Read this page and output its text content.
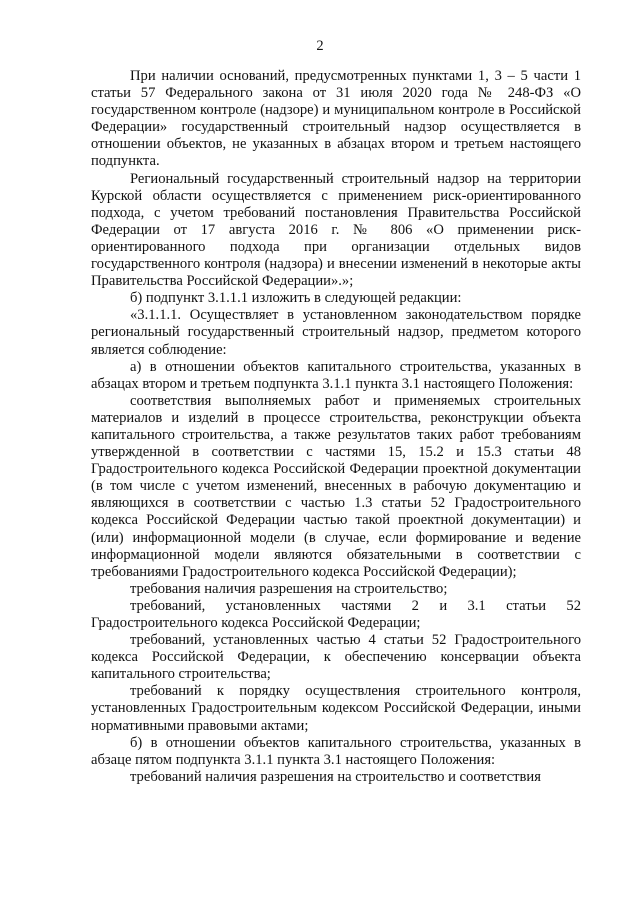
2

При наличии оснований, предусмотренных пунктами 1, 3 – 5 части 1 статьи 57 Федерального закона от 31 июля 2020 года № 248-ФЗ «О государственном контроле (надзоре) и муниципальном контроле в Российской Федерации» государственный строительный надзор осуществляется в отношении объектов, не указанных в абзацах втором и третьем настоящего подпункта.

Региональный государственный строительный надзор на территории Курской области осуществляется с применением риск-ориентированного подхода, с учетом требований постановления Правительства Российской Федерации от 17 августа 2016 г. № 806 «О применении риск-ориентированного подхода при организации отдельных видов государственного контроля (надзора) и внесении изменений в некоторые акты Правительства Российской Федерации».»;

б) подпункт 3.1.1.1 изложить в следующей редакции:

«3.1.1.1. Осуществляет в установленном законодательством порядке региональный государственный строительный надзор, предметом которого является соблюдение:

а) в отношении объектов капитального строительства, указанных в абзацах втором и третьем подпункта 3.1.1 пункта 3.1 настоящего Положения:

соответствия выполняемых работ и применяемых строительных материалов и изделий в процессе строительства, реконструкции объекта капитального строительства, а также результатов таких работ требованиям утвержденной в соответствии с частями 15, 15.2 и 15.3 статьи 48 Градостроительного кодекса Российской Федерации проектной документации (в том числе с учетом изменений, внесенных в рабочую документацию и являющихся в соответствии с частью 1.3 статьи 52 Градостроительного кодекса Российской Федерации частью такой проектной документации) и (или) информационной модели (в случае, если формирование и ведение информационной модели являются обязательными в соответствии с требованиями Градостроительного кодекса Российской Федерации);

требования наличия разрешения на строительство;

требований, установленных частями 2 и 3.1 статьи 52 Градостроительного кодекса Российской Федерации;

требований, установленных частью 4 статьи 52 Градостроительного кодекса Российской Федерации, к обеспечению консервации объекта капитального строительства;

требований к порядку осуществления строительного контроля, установленных Градостроительным кодексом Российской Федерации, иными нормативными правовыми актами;

б) в отношении объектов капитального строительства, указанных в абзаце пятом подпункта 3.1.1 пункта 3.1 настоящего Положения:

требований наличия разрешения на строительство и соответствия
